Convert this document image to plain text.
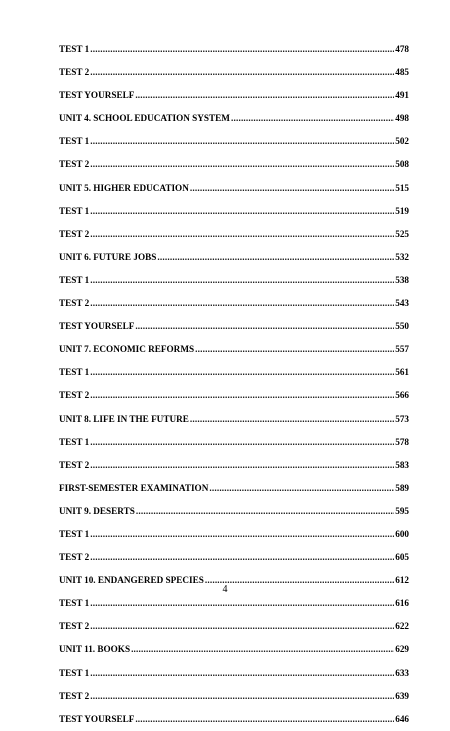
TEST 1 .....	478
TEST 2 .....	485
TEST YOURSELF .....	491
UNIT 4. SCHOOL EDUCATION SYSTEM .....	498
TEST 1 .....	502
TEST 2 .....	508
UNIT 5. HIGHER EDUCATION .....	515
TEST 1 .....	519
TEST 2 .....	525
UNIT 6. FUTURE JOBS .....	532
TEST 1 .....	538
TEST 2 .....	543
TEST YOURSELF .....	550
UNIT 7. ECONOMIC REFORMS .....	557
TEST 1 .....	561
TEST 2 .....	566
UNIT 8. LIFE IN THE FUTURE .....	573
TEST 1 .....	578
TEST 2 .....	583
FIRST-SEMESTER EXAMINATION .....	589
UNIT 9. DESERTS .....	595
TEST 1 .....	600
TEST 2 .....	605
UNIT 10. ENDANGERED SPECIES .....	612
TEST 1 .....	616
TEST 2 .....	622
UNIT 11. BOOKS .....	629
TEST 1 .....	633
TEST 2 .....	639
TEST YOURSELF .....	646
4
